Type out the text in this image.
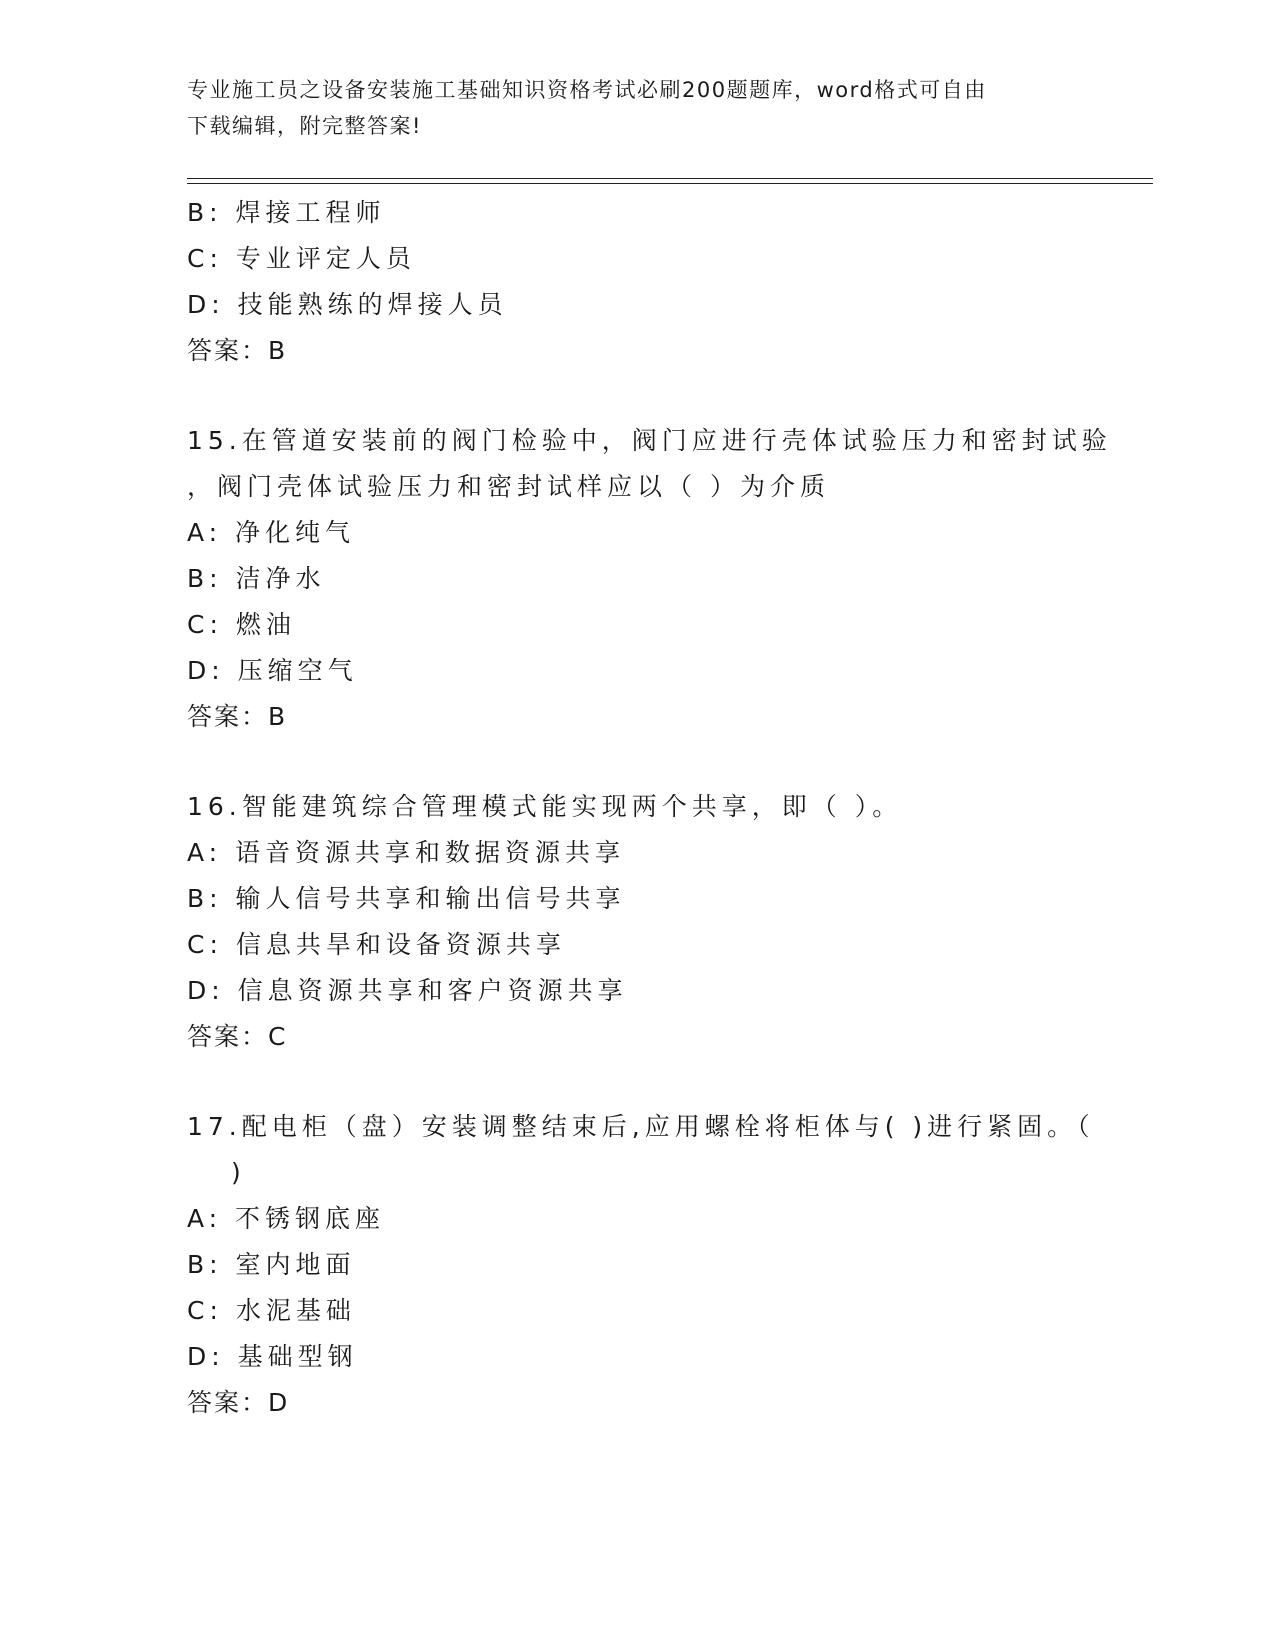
专业施工员之设备安装施工基础知识资格考试必刷200题题库，word格式可自由
下载编辑，附完整答案!
B: 焊接工程师
C: 专业评定人员
D: 技能熟练的焊接人员
答案：B
15.在管道安装前的阀门检验中，阀门应进行壳体试验压力和密封试验
，阀门壳体试验压力和密封试样应以（ ）为介质
A: 净化纯气
B: 洁净水
C: 燃油
D: 压缩空气
答案：B
16.智能建筑综合管理模式能实现两个共享，即（ ）。
A: 语音资源共享和数据资源共享
B: 输人信号共享和输出信号共享
C: 信息共旱和设备资源共享
D: 信息资源共享和客户资源共享
答案：C
17.配电柜（盘）安装调整结束后,应用螺栓将柜体与( )进行紧固。（
)
A: 不锈钢底座
B: 室内地面
C: 水泥基础
D: 基础型钢
答案：D
